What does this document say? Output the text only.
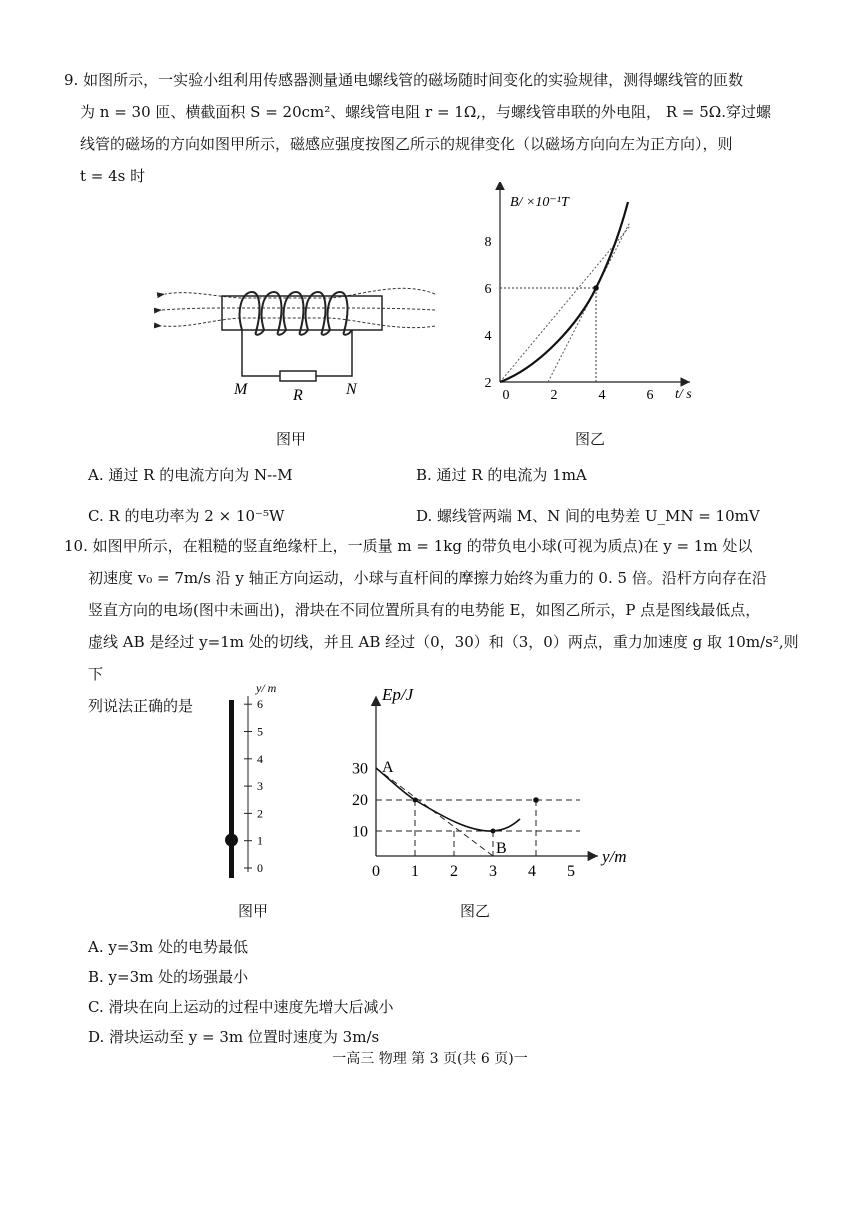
9. 如图所示，一实验小组利用传感器测量通电螺线管的磁场随时间变化的实验规律，测得螺线管的匝数

为 n = 30 匝、横截面积 S = 20cm²、螺线管电阻 r = 1Ω,，与螺线管串联的外电阻， R = 5Ω.穿过螺

线管的磁场的方向如图甲所示，磁感应强度按图乙所示的规律变化（以磁场方向向左为正方向），则

t = 4s 时

M	R	N
图甲
B/ ×10⁻¹T
t/ s
0	2	4	6
2
4
6
8
图乙
A. 通过 R 的电流方向为 N--M	B. 通过 R 的电流为 1mA
C. R 的电功率为 2 × 10⁻⁵W	D. 螺线管两端 M、N 间的电势差 U_MN = 10mV

10. 如图甲所示，在粗糙的竖直绝缘杆上，一质量 m = 1kg 的带负电小球(可视为质点)在 y = 1m 处以

初速度 v₀ = 7m/s 沿 y 轴正方向运动，小球与直杆间的摩擦力始终为重力的 0. 5 倍。沿杆方向存在沿

竖直方向的电场(图中未画出)，滑块在不同位置所具有的电势能 E，如图乙所示，P 点是图线最低点，

虚线 AB 是经过 y=1m 处的切线，并且 AB 经过（0，30）和（3，0）两点，重力加速度 g 取 10m/s²,则下

列说法正确的是	6
5
4
3
2
1
0
y/ m
图甲
Ep/J
y/m
0 1 2 3 4 5
10
20
30 A
B
图乙
A. y=3m 处的电势最低
B. y=3m 处的场强最小
C. 滑块在向上运动的过程中速度先增大后减小
D. 滑块运动至 y = 3m 位置时速度为 3m/s
一高三 物理 第 3 页(共 6 页)一
